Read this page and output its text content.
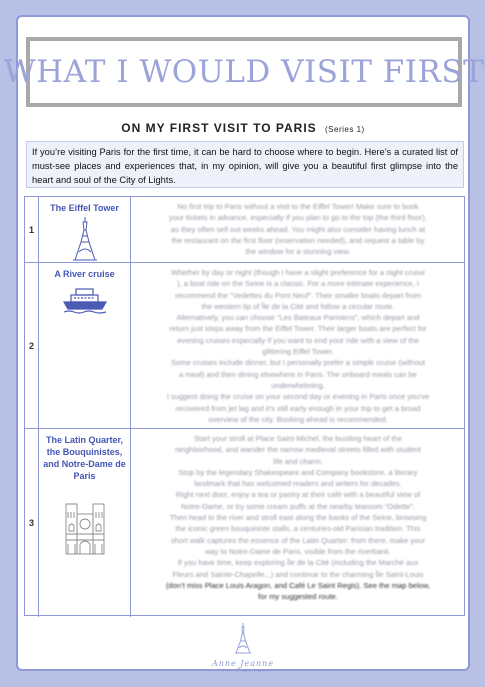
WHAT I WOULD VISIT FIRST
ON MY FIRST VISIT TO PARIS (Series 1)
If you’re visiting Paris for the first time, it can be hard to choose where to begin. Here’s a curated list of must-see places and experiences that, in my opinion, will give you a beautiful first glimpse into the heart and soul of the City of Lights.
1
The Eiffel Tower	No first trip to Paris without a visit to the Eiffel Tower! Make sure to book
your tickets in advance, especially if you plan to go to the top (the third floor),
as they often sell out weeks ahead. You might also consider having lunch at
the restaurant on the first floor (reservation needed), and request a table by
the window for a stunning view.
2
A River cruise	Whether by day or night (though I have a slight preference for a night cruise
), a boat ride on the Seine is a classic. For a more intimate experience, I
recommend the “Vedettes du Pont Neuf”. Their smaller boats depart from
the western tip of Île de la Cité and follow a circular route.
Alternatively, you can choose “Les Bateaux Parisiens”, which depart and
return just steps away from the Eiffel Tower. Their larger boats are perfect for
evening cruises especially if you want to end your ride with a view of the
glittering Eiffel Tower.
Some cruises include dinner, but I personally prefer a simple cruise (without
a meal) and then dining elsewhere in Paris. The onboard meals can be
underwhelming.
I suggest doing the cruise on your second day or evening in Paris once you’ve
recovered from jet lag and it’s still early enough in your trip to get a broad
overview of the city. Booking ahead is recommended.
3
The Latin Quarter, the Bouquinistes, and Notre-Dame de Paris
Start your stroll at Place Saint-Michel, the bustling heart of the
neighborhood, and wander the narrow medieval streets filled with student
life and charm.
Stop by the legendary Shakespeare and Company bookstore, a literary
landmark that has welcomed readers and writers for decades.
Right next door, enjoy a tea or pastry at their café with a beautiful view of
Notre-Dame, or try some cream puffs at the nearby tearoom “Odette”.
Then head to the river and stroll east along the banks of the Seine, browsing
the iconic green bouquiniste stalls, a centuries-old Parisian tradition. This
short walk captures the essence of the Latin Quarter: from there, make your
way to Notre-Dame de Paris, visible from the riverbank.
If you have time, keep exploring Île de la Cité (including the Marché aux
Fleurs and Sainte-Chapelle...) and continue to the charming Île Saint-Louis
(don’t miss Place Louis Aragon, and Café Le Saint Regis). See the map below,
for my suggested route.
Anne Jeanne
in Paris
